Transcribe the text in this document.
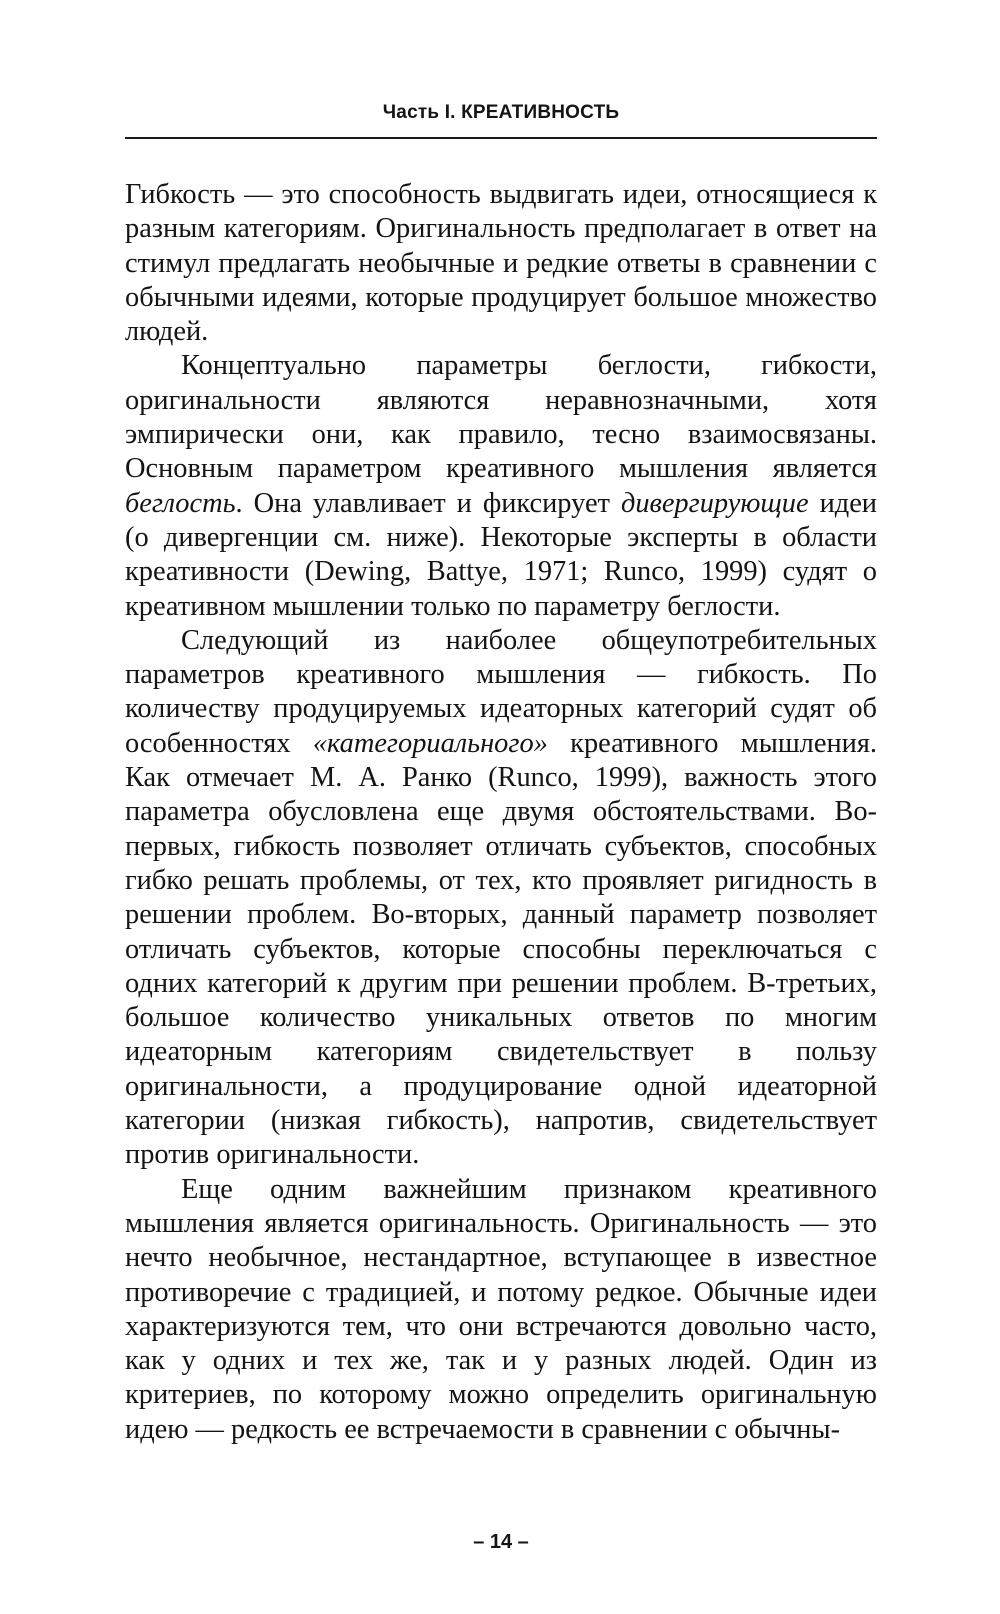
Часть I. КРЕАТИВНОСТЬ

Гибкость — это способность выдвигать идеи, относящиеся к разным категориям. Оригинальность предполагает в ответ на стимул предлагать необычные и редкие ответы в сравнении с обычными идеями, которые продуцирует большое множество людей.

Концептуально параметры беглости, гибкости, оригинальности являются неравнозначными, хотя эмпирически они, как правило, тесно взаимосвязаны. Основным параметром креативного мышления является беглость. Она улавливает и фиксирует дивергирующие идеи (о дивергенции см. ниже). Некоторые эксперты в области креативности (Dewing, Battye, 1971; Runco, 1999) судят о креативном мышлении только по параметру беглости.

Следующий из наиболее общеупотребительных параметров креативного мышления — гибкость. По количеству продуцируемых идеаторных категорий судят об особенностях «категориального» креативного мышления. Как отмечает М. А. Ранко (Runco, 1999), важность этого параметра обусловлена еще двумя обстоятельствами. Во-первых, гибкость позволяет отличать субъектов, способных гибко решать проблемы, от тех, кто проявляет ригидность в решении проблем. Во-вторых, данный параметр позволяет отличать субъектов, которые способны переключаться с одних категорий к другим при решении проблем. В-третьих, большое количество уникальных ответов по многим идеаторным категориям свидетельствует в пользу оригинальности, а продуцирование одной идеаторной категории (низкая гибкость), напротив, свидетельствует против оригинальности.

Еще одним важнейшим признаком креативного мышления является оригинальность. Оригинальность — это нечто необычное, нестандартное, вступающее в известное противоречие с традицией, и потому редкое. Обычные идеи характеризуются тем, что они встречаются довольно часто, как у одних и тех же, так и у разных людей. Один из критериев, по которому можно определить оригинальную идею — редкость ее встречаемости в сравнении с обычны-

– 14 –
